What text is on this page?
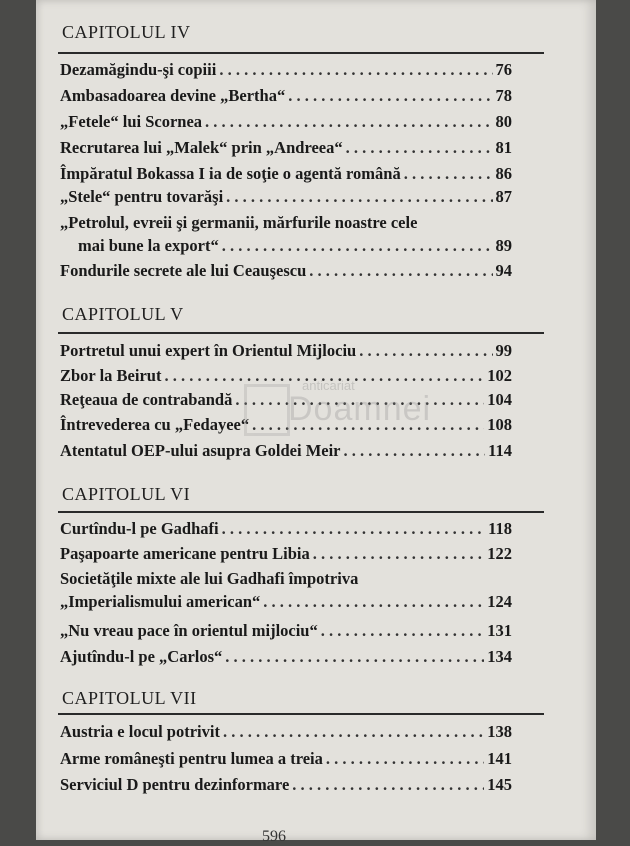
CAPITOLUL IV
Dezamăgindu-şi copiii . . .	76
Ambasadoarea devine „Bertha“ . . .	78
„Fetele“ lui Scornea . . .	80
Recrutarea lui „Malek“ prin „Andreea“ . . .	81
Împăratul Bokassa I ia de soţie o agentă română . . .	86
„Stele“ pentru tovarăşi . . .	87
„Petrolul, evreii şi germanii, mărfurile noastre cele
mai bune la export“ . . .	89
Fondurile secrete ale lui Ceauşescu . . .	94
CAPITOLUL V
Portretul unui expert în Orientul Mijlociu . . .	99
Zbor la Beirut . . .	102
Reţeaua de contrabandă . . .	104
Întrevederea cu „Fedayee“ . . .	108
Atentatul OEP-ului asupra Goldei Meir . . .	114
CAPITOLUL VI
Curtîndu-l pe Gadhafi . . .	118
Paşapoarte americane pentru Libia . . .	122
Societăţile mixte ale lui Gadhafi împotriva
„Imperialismului american“ . . .	124
„Nu vreau pace în orientul mijlociu“ . . .	131
Ajutîndu-l pe „Carlos“ . . .	134
CAPITOLUL VII
Austria e locul potrivit . . .	138
Arme româneşti pentru lumea a treia . . .	141
Serviciul D pentru dezinformare . . .	145
anticariat
Doamnei
596
